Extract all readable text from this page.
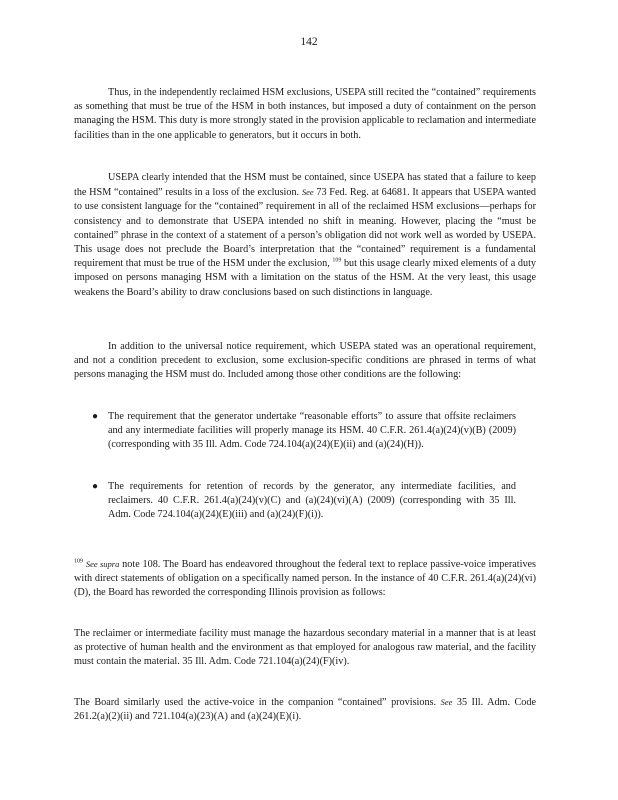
142

Thus, in the independently reclaimed HSM exclusions, USEPA still recited the “contained” requirements as something that must be true of the HSM in both instances, but imposed a duty of containment on the person managing the HSM. This duty is more strongly stated in the provision applicable to reclamation and intermediate facilities than in the one applicable to generators, but it occurs in both.

USEPA clearly intended that the HSM must be contained, since USEPA has stated that a failure to keep the HSM “contained” results in a loss of the exclusion. See 73 Fed. Reg. at 64681. It appears that USEPA wanted to use consistent language for the “contained” requirement in all of the reclaimed HSM exclusions—perhaps for consistency and to demonstrate that USEPA intended no shift in meaning. However, placing the “must be contained” phrase in the context of a statement of a person’s obligation did not work well as worded by USEPA. This usage does not preclude the Board’s interpretation that the “contained” requirement is a fundamental requirement that must be true of the HSM under the exclusion, $^{109}$ but this usage clearly mixed elements of a duty imposed on persons managing HSM with a limitation on the status of the HSM. At the very least, this usage weakens the Board’s ability to draw conclusions based on such distinctions in language.

In addition to the universal notice requirement, which USEPA stated was an operational requirement, and not a condition precedent to exclusion, some exclusion-specific conditions are phrased in terms of what persons managing the HSM must do. Included among those other conditions are the following:

● The requirement that the generator undertake “reasonable efforts” to assure that offsite reclaimers and any intermediate facilities will properly manage its HSM. 40 C.F.R. 261.4(a)(24)(v)(B) (2009) (corresponding with 35 Ill. Adm. Code 724.104(a)(24)(E)(ii) and (a)(24)(H)).
● The requirements for retention of records by the generator, any intermediate facilities, and reclaimers. 40 C.F.R. 261.4(a)(24)(v)(C) and (a)(24)(vi)(A) (2009) (corresponding with 35 Ill. Adm. Code 724.104(a)(24)(E)(iii) and (a)(24)(F)(i)).

$^{109}$ See supra note 108. The Board has endeavored throughout the federal text to replace passive-voice imperatives with direct statements of obligation on a specifically named person. In the instance of 40 C.F.R. 261.4(a)(24)(vi)(D), the Board has reworded the corresponding Illinois provision as follows:

The reclaimer or intermediate facility must manage the hazardous secondary material in a manner that is at least as protective of human health and the environment as that employed for analogous raw material, and the facility must contain the material. 35 Ill. Adm. Code 721.104(a)(24)(F)(iv).

The Board similarly used the active-voice in the companion “contained” provisions. See 35 Ill. Adm. Code 261.2(a)(2)(ii) and 721.104(a)(23)(A) and (a)(24)(E)(i).
